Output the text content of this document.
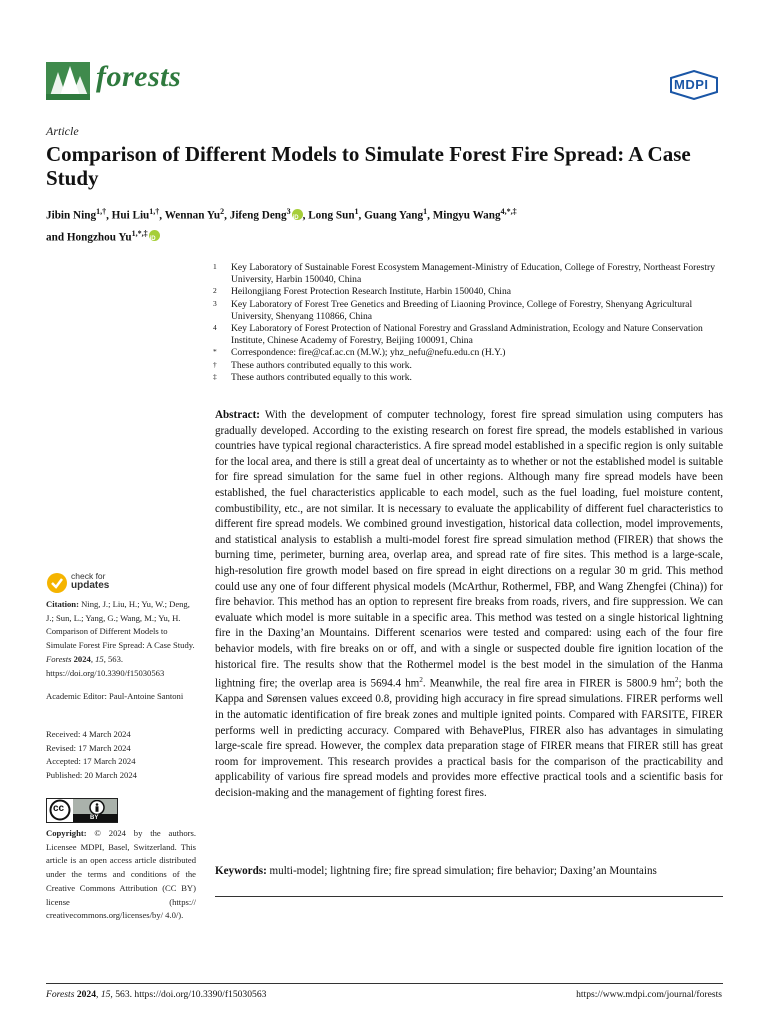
forests	MDPI
Article
Comparison of Different Models to Simulate Forest Fire Spread: A Case Study
Jibin Ning$^{1,\dagger}$, Hui Liu$^{1,\dagger}$, Wennan Yu$^2$, Jifeng Deng$^3$iD , Long Sun$^1$, Guang Yang$^1$, Mingyu Wang$^{4,*,\ddagger}$
and Hongzhou $Yu^{1,*,\ddagger}iD$
1	Key Laboratory of Sustainable Forest Ecosystem Management-Ministry of Education, College of Forestry, Northeast Forestry University, Harbin 150040, China
2	Heilongjiang Forest Protection Research Institute, Harbin 150040, China
3	Key Laboratory of Forest Tree Genetics and Breeding of Liaoning Province, College of Forestry, Shenyang Agricultural University, Shenyang 110866, China
4	Key Laboratory of Forest Protection of National Forestry and Grassland Administration, Ecology and Nature Conservation Institute, Chinese Academy of Forestry, Beijing 100091, China
*	Correspondence: fire@caf.ac.cn (M.W.); yhz_nefu@nefu.edu.cn (H.Y.)
†	These authors contributed equally to this work.
‡	These authors contributed equally to this work.
Abstract: With the development of computer technology, forest fire spread simulation using computers has gradually developed. According to the existing research on forest fire spread, the models established in various countries have typical regional characteristics. A fire spread model established in a specific region is only suitable for the local area, and there is still a great deal of uncertainty as to whether or not the established model is suitable for fire spread simulation for the same fuel in other regions. Although many fire spread models have been established, the fuel characteristics applicable to each model, such as the fuel loading, fuel moisture content, combustibility, etc., are not similar. It is necessary to evaluate the applicability of different fuel characteristics to different fire spread models. We combined ground investigation, historical data collection, model improvements, and statistical analysis to establish a multi-model forest fire spread simulation method (FIRER) that shows the burning time, perimeter, burning area, overlap area, and spread rate of fire sites. This method is a large-scale, high-resolution fire growth model based on fire spread in eight directions on a regular 30 m grid. This method could use any one of four different physical models (McArthur, Rothermel, FBP, and Wang Zhengfei (China)) for fire behavior. This method has an option to represent fire breaks from roads, rivers, and fire suppression. We can evaluate which model is more suitable in a specific area. This method was tested on a single historical lightning fire in the Daxing’an Mountains. Different scenarios were tested and compared: using each of the four fire behavior models, with fire breaks on or off, and with a single or suspected double fire ignition location of the historical fire. The results show that the Rothermel model is the best model in the simulation of the Hanma lightning fire; the overlap area is 5694.4 $hm^2$. Meanwhile, the real fire area in FIRER is 5800.9 $hm^2$; both the Kappa and Sørensen values exceed 0.8, providing high accuracy in fire spread simulations. FIRER performs well in the automatic identification of fire break zones and multiple ignited points. Compared with FARSITE, FIRER performs well in predicting accuracy. Compared with BehavePlus, FIRER also has advantages in simulating large-scale fire spread. However, the complex data preparation stage of FIRER means that FIRER still has great room for improvement. This research provides a practical basis for the comparison of the practicability and applicability of various fire spread models and provides more effective practical tools and a scientific basis for decision-making and the management of fighting forest fires.
Keywords: multi-model; lightning fire; fire spread simulation; fire behavior; Daxing’an Mountains
check for
updates
Citation: Ning, J.; Liu, H.; Yu, W.; Deng, J.; Sun, L.; Yang, G.; Wang, M.; Yu, H. Comparison of Different Models to Simulate Forest Fire Spread: A Case Study. Forests 2024, 15, 563. https://doi.org/10.3390/f15030563
Academic Editor: Paul-Antoine Santoni
Received: 4 March 2024
Revised: 17 March 2024
Accepted: 17 March 2024
Published: 20 March 2024
cc
BY
Copyright: © 2024 by the authors. Licensee MDPI, Basel, Switzerland. This article is an open access article distributed under the terms and conditions of the Creative Commons Attribution (CC BY) license (https:// creativecommons.org/licenses/by/ 4.0/).
Forests 2024, 15, 563. https://doi.org/10.3390/f15030563	https://www.mdpi.com/journal/forests
